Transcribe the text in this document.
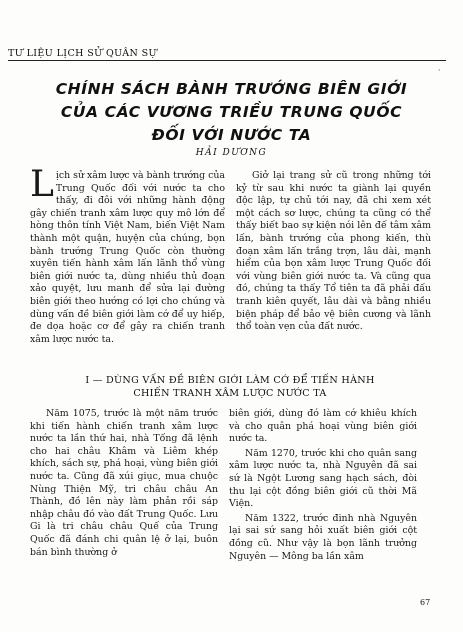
TƯ LIỆU LỊCH SỬ QUÂN SỰ
·
CHÍNH SÁCH BÀNH TRƯỚNG BIÊN GIỚI
CỦA CÁC VƯƠNG TRIỀU TRUNG QUỐC
ĐỐI VỚI NƯỚC TA
HẢI DƯƠNG

Lịch sử xâm lược và bành trướng của Trung Quốc đối với nước ta cho thấy, đi đôi với những hành động gây chiến tranh xâm lược quy mô lớn để hòng thôn tính Việt Nam, biến Việt Nam thành một quận, huyện của chúng, bọn bành trướng Trung Quốc còn thường xuyên tiến hành xâm lấn lãnh thổ vùng biên giới nước ta, dùng nhiều thủ đoạn xảo quyệt, lưu manh để sửa lại đường biên giới theo hướng có lợi cho chúng và dùng vấn đề biên giới làm cớ để uy hiếp, đe dọa hoặc cơ để gây ra chiến tranh xâm lược nước ta.

Giở lại trang sử cũ trong những tới kỷ từ sau khi nước ta giành lại quyền độc lập, tự chủ tới nay, đã chi xem xét một cách sơ lược, chúng ta cũng có thể thấy biết bao sự kiện nói lên đế tâm xâm lấn, bành trướng của phong kiến, thù đoạn xâm lấn trắng trợn, lâu dài, mạnh hiểm của bọn xâm lược Trung Quốc đối với vùng biên giới nước ta. Và cũng qua đó, chúng ta thấy Tổ tiên ta đã phải đấu tranh kiên quyết, lâu dài và bằng nhiều biện pháp để bảo vệ biên cương và lãnh thổ toàn vẹn của đất nước.

I — DÙNG VẤN ĐỀ BIÊN GIỚI LÀM CỚ ĐỂ TIẾN HÀNH
CHIẾN TRANH XÂM LƯỢC NƯỚC TA

Năm 1075, trước là một năm trước khi tiến hành chiến tranh xâm lược nước ta lần thứ hai, nhà Tống đã lệnh cho hai châu Khâm và Liêm khép khích, sách sự, phá hoại, vùng biên giới nước ta. Cũng đã xúi giục, mua chuộc Nùng Thiện Mỹ, tri châu châu An Thành, đồ lên này làm phản rồi sáp nhập châu đó vào đất Trung Quốc. Lưu Gi là tri châu châu Quế của Trung Quốc đã đánh chi quân lệ ở lại, buôn bán bình thường ở

biên giới, dùng đó làm cớ khiêu khích và cho quân phá hoại vùng biên giới nước ta.

Năm 1270, trước khi cho quân sang xâm lược nước ta, nhà Nguyên đã sai sứ là Ngột Lương sang hạch sách, đòi thu lại cột đồng biên giới cũ thời Mã Viện.

Năm 1322, trước đinh nhà Nguyên lại sai sứ sang hỏi xuất biên giới cột đồng cũ. Như vậy là bọn lãnh trưởng Nguyên — Mông ba lần xâm

67
